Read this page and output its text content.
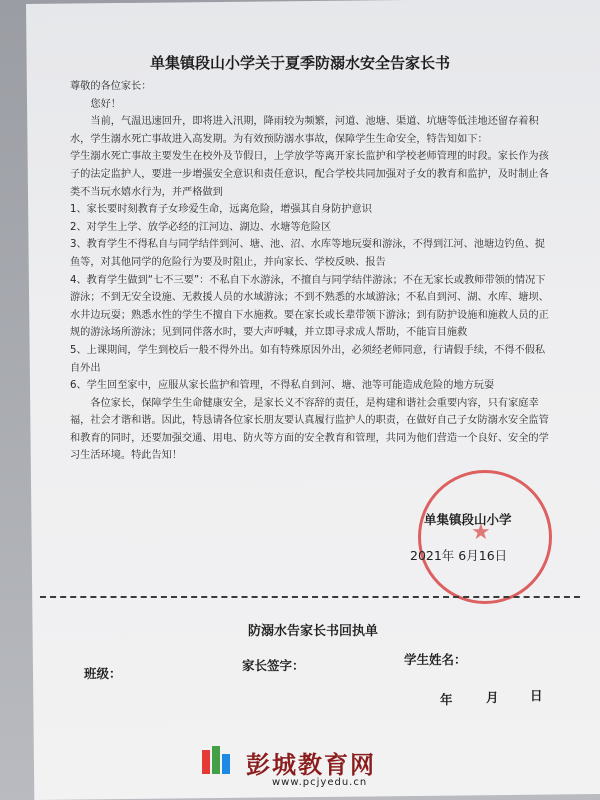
单集镇段山小学关于夏季防溺水安全告家长书

尊敬的各位家长：

您好！

当前，气温迅速回升，即将进入汛期，降雨较为频繁，河道、池塘、渠道、坑塘等低洼地还留存着积水，学生溺水死亡事故进入高发期。为有效预防溺水事故，保障学生生命安全，特告知如下：

学生溺水死亡事故主要发生在校外及节假日，上学放学等离开家长监护和学校老师管理的时段。家长作为孩子的法定监护人，要进一步增强安全意识和责任意识，配合学校共同加强对子女的教育和监护，及时制止各类不当玩水嬉水行为，并严格做到

1、家长要时刻教育子女珍爱生命，远离危险，增强其自身防护意识

2、对学生上学、放学必经的江河边、湖边、水塘等危险区

3、教育学生不得私自与同学结伴到河、塘、池、沼、水库等地玩耍和游泳，不得到江河、池塘边钓鱼、捉鱼等，对其他同学的危险行为要及时阻止，并向家长、学校反映、报告

4、教育学生做到“七不三要”：不私自下水游泳，不擅自与同学结伴游泳；不在无家长或教师带领的情况下游泳；不到无安全设施、无救援人员的水域游泳；不到不熟悉的水域游泳；不私自到河、湖、水库、塘坝、水井边玩耍；熟悉水性的学生不擅自下水施救。要在家长或长辈带领下游泳；到有防护设施和施救人员的正规的游泳场所游泳；见到同伴落水时，要大声呼喊，并立即寻求成人帮助，不能盲目施救

5、上课期间，学生到校后一般不得外出。如有特殊原因外出，必须经老师同意，行请假手续，不得不假私自外出

6、学生回至家中，应服从家长监护和管理，不得私自到河、塘、池等可能造成危险的地方玩耍

各位家长，保障学生生命健康安全，是家长义不容辞的责任，是构建和谐社会重要内容，只有家庭幸福，社会才谐和谐。因此，特恳请各位家长朋友要认真履行监护人的职责，在做好自己子女防溺水安全监管和教育的同时，还要加强交通、用电、防火等方面的安全教育和管理，共同为他们营造一个良好、安全的学习生活环境。特此告知！

★
单集镇段山小学
2021年 6月16日
防溺水告家长书回执单
班级：
家长签字：	学生姓名：
年	月	日
彭城教育网
www.pcjyedu.cn
